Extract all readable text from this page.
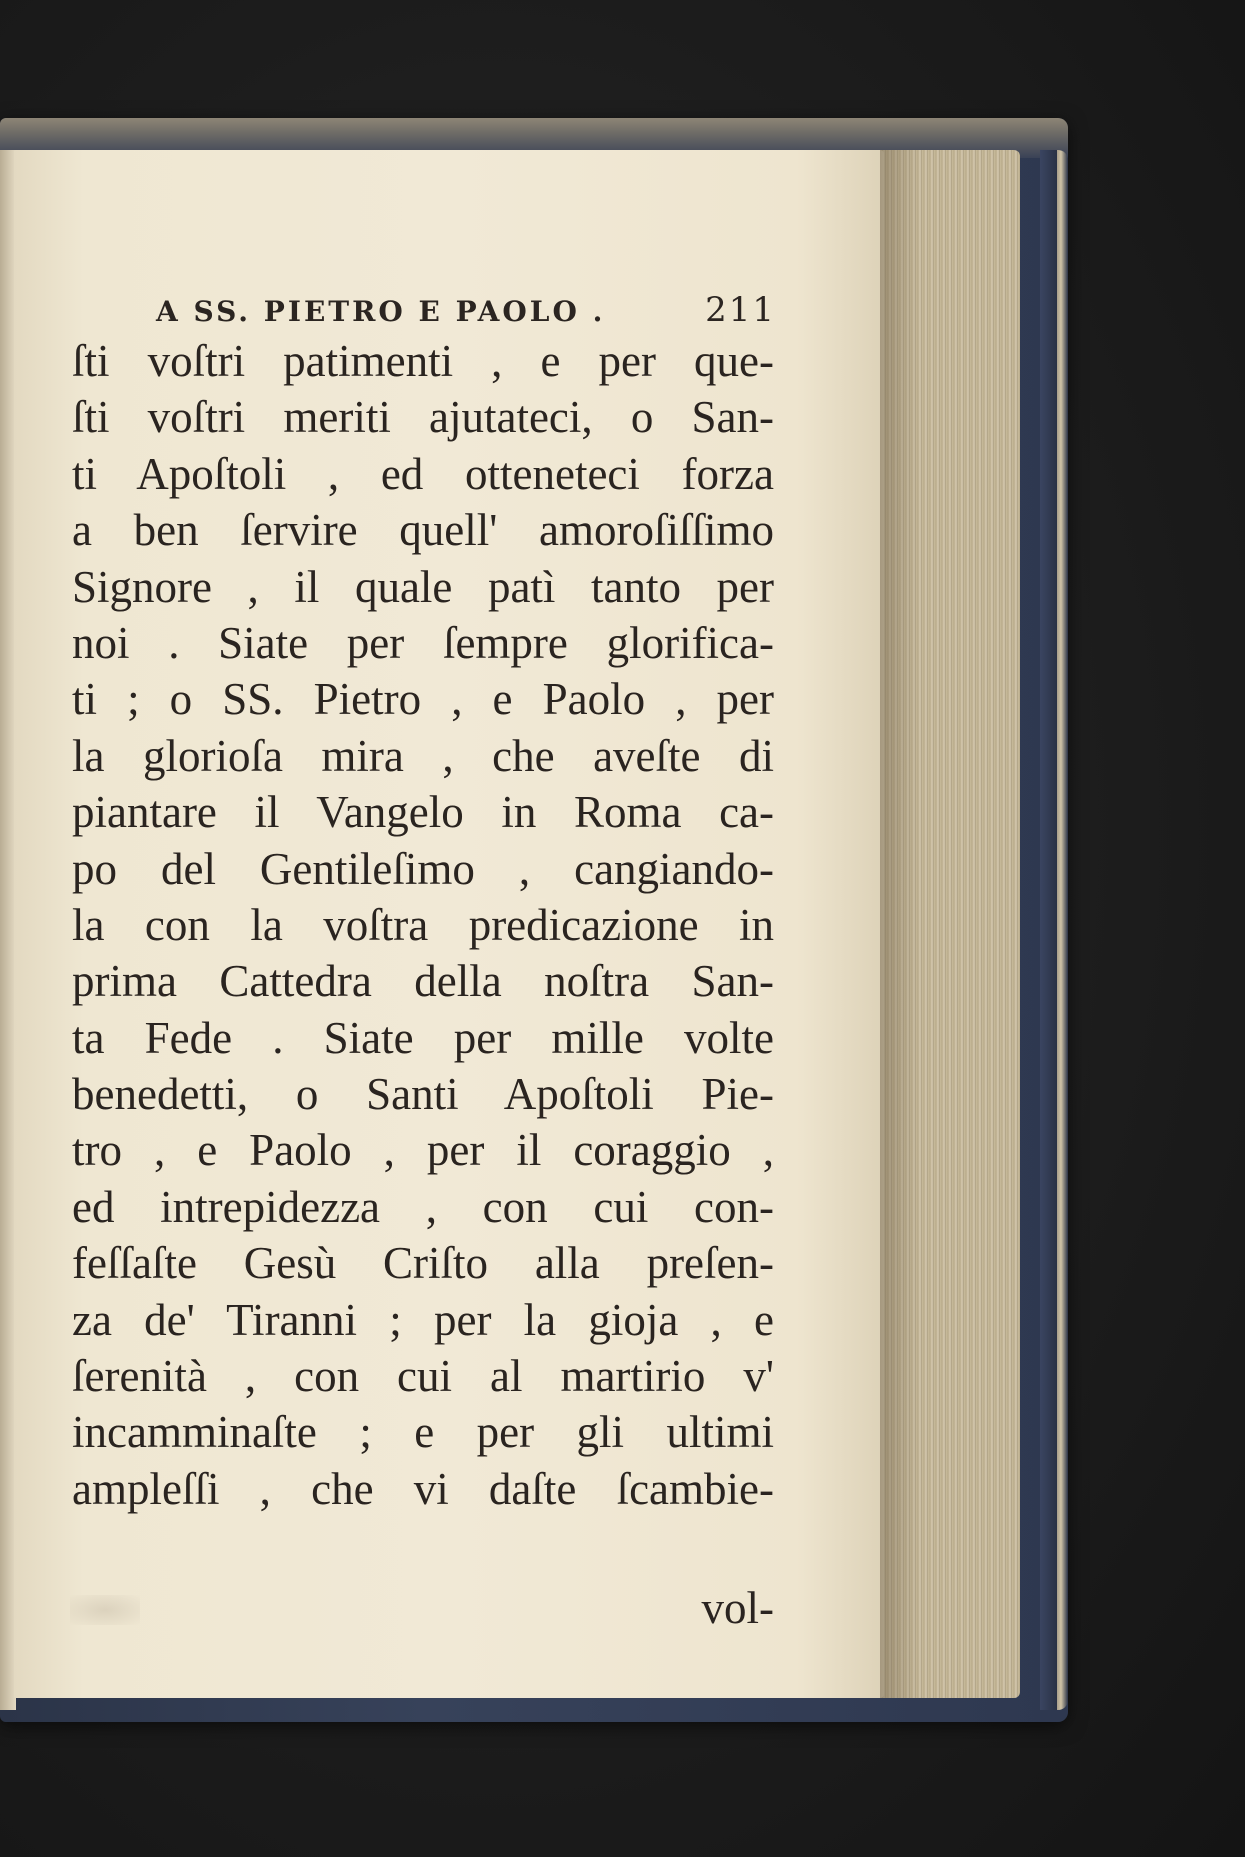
A SS. PIETRO E PAOLO .	211
ſti voſtri patimenti , e per que-
ſti voſtri meriti ajutateci, o San-
ti Apoſtoli , ed otteneteci forza
a ben ſervire quell' amoroſiſſimo
Signore , il quale patì tanto per
noi . Siate per ſempre glorifica-
ti ; o SS. Pietro , e Paolo , per
la glorioſa mira , che aveſte di
piantare il Vangelo in Roma ca-
po del Gentileſimo , cangiando-
la con la voſtra predicazione in
prima Cattedra della noſtra San-
ta Fede . Siate per mille volte
benedetti, o Santi Apoſtoli Pie-
tro , e Paolo , per il coraggio ,
ed intrepidezza , con cui con-
feſſaſte Gesù Criſto alla preſen-
za de' Tiranni ; per la gioja , e
ſerenità , con cui al martirio v'
incamminaſte ; e per gli ultimi
ampleſſi , che vi daſte ſcambie-
vol-
